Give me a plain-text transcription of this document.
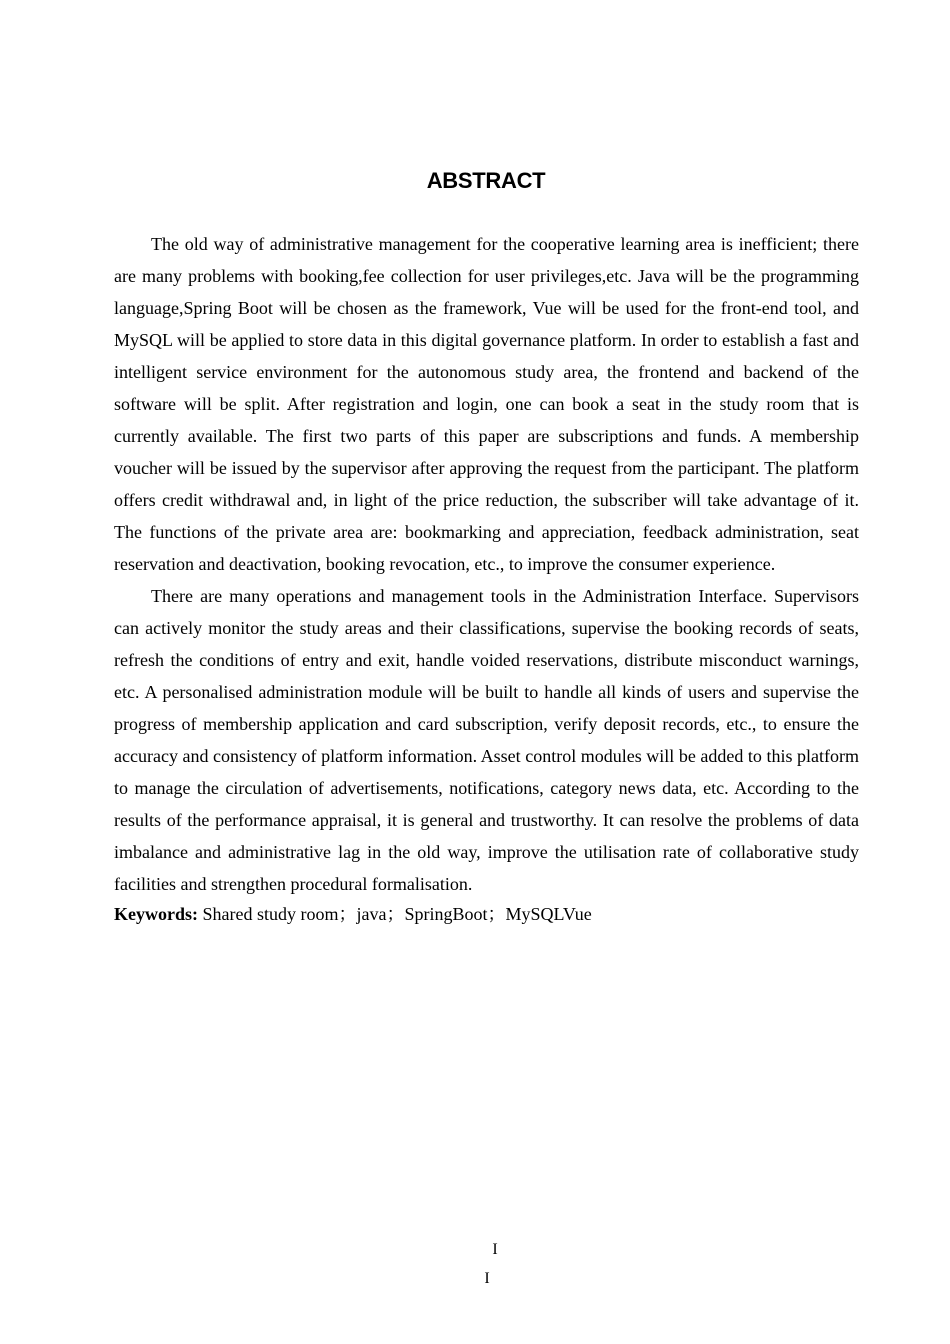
ABSTRACT

The old way of administrative management for the cooperative learning area is inefficient; there are many problems with booking,fee collection for user privileges,etc. Java will be the programming language,Spring Boot will be chosen as the framework, Vue will be used for the front-end tool, and MySQL will be applied to store data in this digital governance platform. In order to establish a fast and intelligent service environment for the autonomous study area, the frontend and backend of the software will be split. After registration and login, one can book a seat in the study room that is currently available. The first two parts of this paper are subscriptions and funds. A membership voucher will be issued by the supervisor after approving the request from the participant. The platform offers credit withdrawal and, in light of the price reduction, the subscriber will take advantage of it. The functions of the private area are: bookmarking and appreciation, feedback administration, seat reservation and deactivation, booking revocation, etc., to improve the consumer experience.

There are many operations and management tools in the Administration Interface. Supervisors can actively monitor the study areas and their classifications, supervise the booking records of seats, refresh the conditions of entry and exit, handle voided reservations, distribute misconduct warnings, etc. A personalised administration module will be built to handle all kinds of users and supervise the progress of membership application and card subscription, verify deposit records, etc., to ensure the accuracy and consistency of platform information. Asset control modules will be added to this platform to manage the circulation of advertisements, notifications, category news data, etc. According to the results of the performance appraisal, it is general and trustworthy. It can resolve the problems of data imbalance and administrative lag in the old way, improve the utilisation rate of collaborative study facilities and strengthen procedural formalisation.

Keywords: Shared study room；java；SpringBoot；MySQLVue

I
I
